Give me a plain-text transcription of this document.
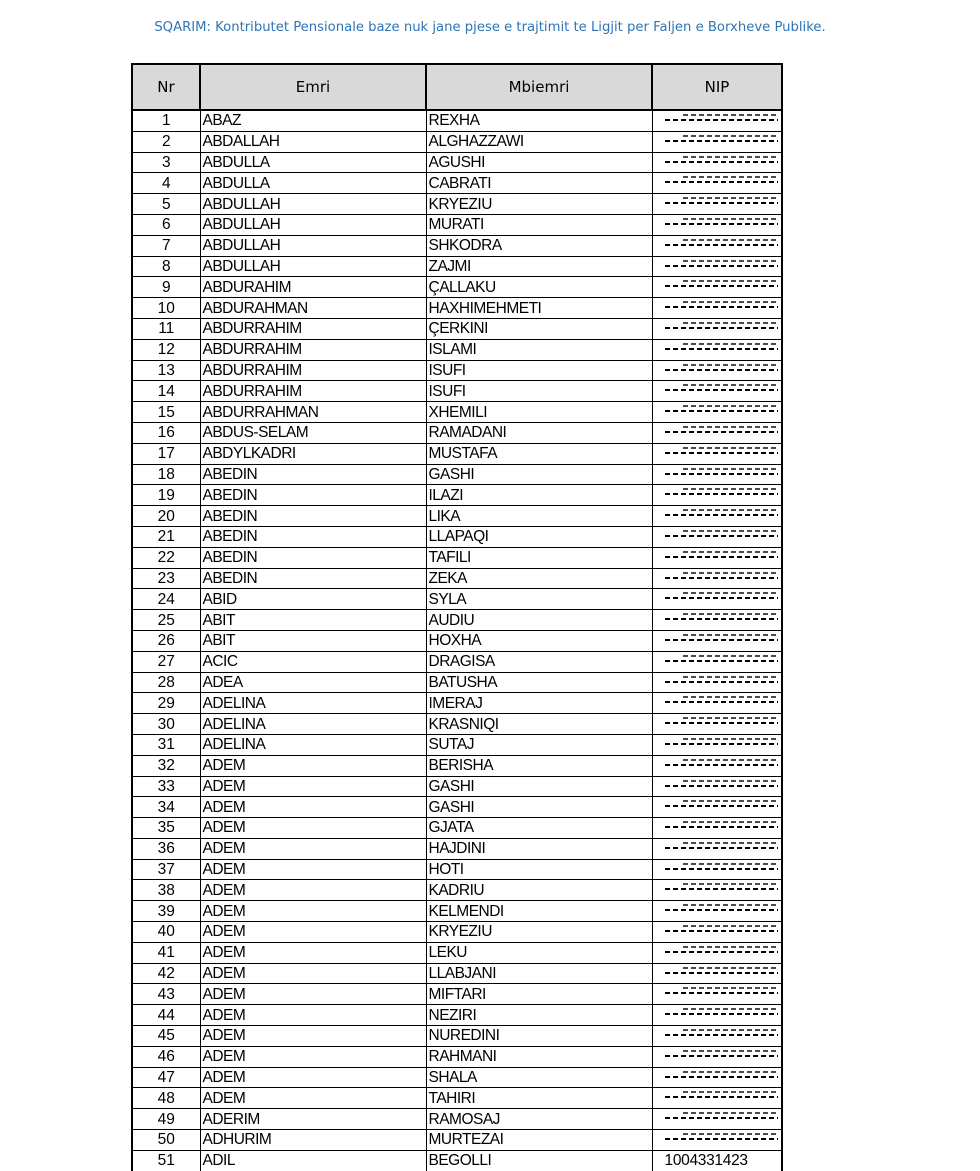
SQARIM: Kontributet Pensionale baze nuk jane pjese e trajtimit te Ligjit per Faljen e Borxheve Publike.
Nr	Emri	Mbiemri	NIP
1	ABAZ	REXHA	

2	ABDALLAH	ALGHAZZAWI	

3	ABDULLA	AGUSHI	

4	ABDULLA	CABRATI	

5	ABDULLAH	KRYEZIU	

6	ABDULLAH	MURATI	

7	ABDULLAH	SHKODRA	

8	ABDULLAH	ZAJMI	

9	ABDURAHIM	ÇALLAKU	

10	ABDURAHMAN	HAXHIMEHMETI	

11	ABDURRAHIM	ÇERKINI	

12	ABDURRAHIM	ISLAMI	

13	ABDURRAHIM	ISUFI	

14	ABDURRAHIM	ISUFI	

15	ABDURRAHMAN	XHEMILI	

16	ABDUS-SELAM	RAMADANI	

17	ABDYLKADRI	MUSTAFA	

18	ABEDIN	GASHI	

19	ABEDIN	ILAZI	

20	ABEDIN	LIKA	

21	ABEDIN	LLAPAQI	

22	ABEDIN	TAFILI	

23	ABEDIN	ZEKA	

24	ABID	SYLA	

25	ABIT	AUDIU	

26	ABIT	HOXHA	

27	ACIC	DRAGISA	

28	ADEA	BATUSHA	

29	ADELINA	IMERAJ	

30	ADELINA	KRASNIQI	

31	ADELINA	SUTAJ	

32	ADEM	BERISHA	

33	ADEM	GASHI	

34	ADEM	GASHI	

35	ADEM	GJATA	

36	ADEM	HAJDINI	

37	ADEM	HOTI	

38	ADEM	KADRIU	

39	ADEM	KELMENDI	

40	ADEM	KRYEZIU	

41	ADEM	LEKU	

42	ADEM	LLABJANI	

43	ADEM	MIFTARI	

44	ADEM	NEZIRI	

45	ADEM	NUREDINI	

46	ADEM	RAHMANI	

47	ADEM	SHALA	

48	ADEM	TAHIRI	

49	ADERIM	RAMOSAJ	

50	ADHURIM	MURTEZAI	

51	ADIL	BEGOLLI	1004331423
